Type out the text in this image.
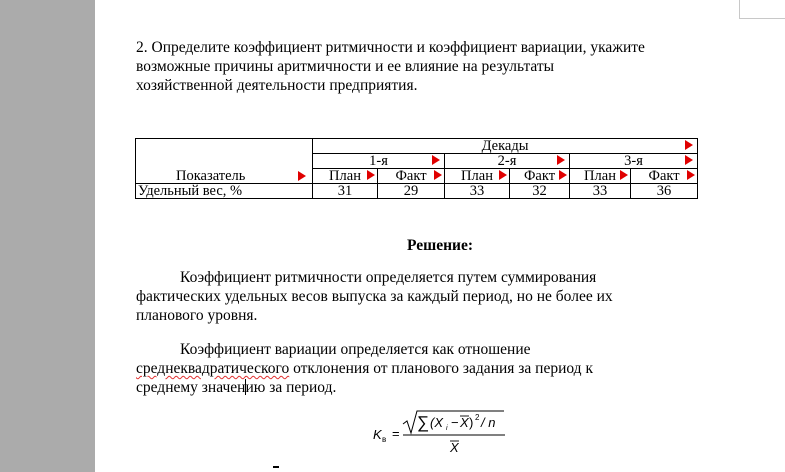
2. Определите коэффициент ритмичности и коэффициент вариации, укажите
возможные причины аритмичности и ее влияние на результаты
хозяйственной деятельности предприятия.
Показатель	Декады					

	1-я		2-я		3-я	

	План	Факт	План	Факт	План	Факт

Удельный вес, %	31	29	33	32	33	36
Решение:
Коэффициент ритмичности определяется путем суммирования
фактических удельных весов выпуска за каждый период, но не более их
планового уровня.
Коэффициент вариации определяется как отношение
среднеквадратического отклонения от планового задания за период к
среднему значению за период.
K в =
∑ (X i − X ) 2 / n
X
